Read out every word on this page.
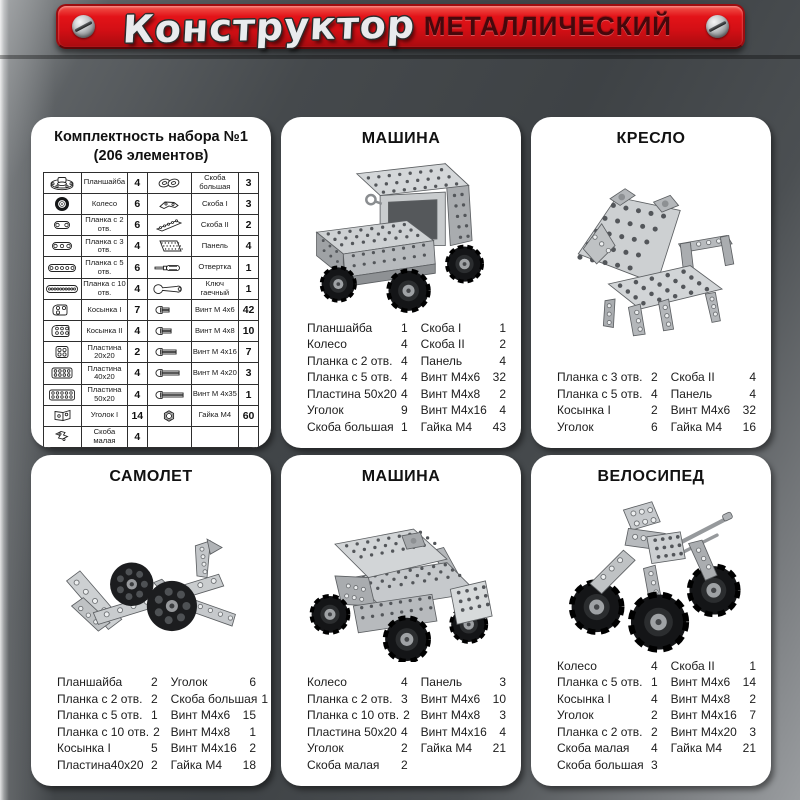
Конструктор МЕТАЛЛИЧЕСКИЙ
Комплектность набора №1
(206 элементов)
	Планшайба	4		Скоба большая	3

	Колесо	6		Скоба I	3

	Планка с 2 отв.	6		Скоба II	2

	Планка с 3 отв.	4		Панель	4

	Планка с 5 отв.	6		Отвертка	1

	Планка с 10 отв.	4		Ключ гаечный	1

	Косынка I	7		Винт М 4х6	42

	Косынка II	4		Винт М 4х8	10

	Пластина 20х20	2		Винт М 4х16	7

	Пластина 40х20	4		Винт М 4х20	3

	Пластина 50х20	4		Винт М 4х35	1

	Уголок I	14		Гайка М4	60

	Скоба малая	4			
МАШИНА
Планшайба 1
Колесо	4
Планка с 2 отв. 4
Планка с 5 отв. 4
Пластина 50х20 4
Уголок	9
Скоба большая 1
Скоба I	1
Скоба II	2
Панель	4
Винт М4х6 32
Винт М4х8 2
Винт М4х16 4
Гайка М4 43
КРЕСЛО
Планка с 3 отв. 2
Планка с 5 отв. 4
Косынка I	2
Уголок	6
Скоба II	4
Панель	4
Винт М4х6 32
Гайка М4 16
САМОЛЕТ
Планшайба 2
Планка с 2 отв. 2
Планка с 5 отв. 1
Планка с 10 отв. 2
Косынка I	5
Пластина40х20 2
Уголок	6
Скоба большая 1
Винт М4х6 15
Винт М4х8 1
Винт М4х16 2
Гайка М4 18
МАШИНА
Колесо	4
Планка с 2 отв. 3
Планка с 10 отв. 2
Пластина 50х20 4
Уголок	2
Скоба малая 2
Панель	3
Винт М4х6 10
Винт М4х8 3
Винт М4х16 4
Гайка М4 21
ВЕЛОСИПЕД
Колесо	4
Планка с 5 отв. 1
Косынка I	4
Уголок	2
Планка с 2 отв. 2
Скоба малая 4
Скоба большая 3
Скоба II	1
Винт М4х6 14
Винт М4х8 2
Винт М4х16 7
Винт М4х20 3
Гайка М4 21
